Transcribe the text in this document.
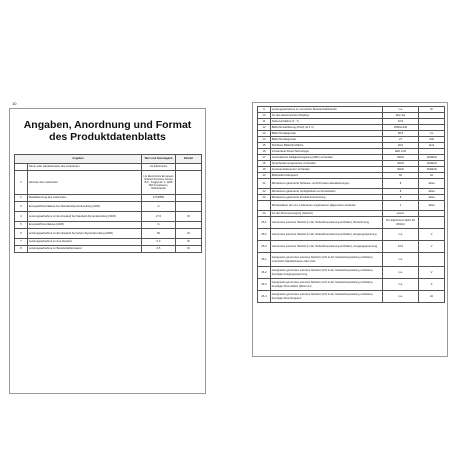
10
Angaben, Anordnung und Format des Produktdatenblatts
Angaben		Wert und Genauigkeit	Einheit
	Name oder Handelsmarke des Lieferanten	LG Electronics	
1	Adresse des Lieferanten	LG Electronics European Shared Services Center B.V., Krijgsman 1, 1186 DM Amstelveen, Netherlands	
2	Modellkennung des Lieferanten	27GP850	
3	Energieeffizienzklasse bei Standard-Dynamikumfang (SDR)	G	
4	Leistungsaufnahme im Ein-Zustand bei Standard-Dynamikumfang (SDR)	27.0	W
5	Energieeffizienzklasse (HDR)	G	
6	Leistungsaufnahme im Ein-Zustand bei hohem Dynamikumfang (HDR)	50	W
7	Leistungsaufnahme im Aus-Zustand	0.3	W
8	Leistungsaufnahme im Bereitschaftszustand	0.5	W
9	Leistungsaufnahme im vernetzten Bereitschaftsbetrieb	n.a.	W
10	Art des elektronischen Displays	Mon.ike	
11	Seitenverhältnis (X : Y)	16:9	
12	Bildschirmauflösung (Pixel) (H X V)	2560x1440	
13	Bildschirmdiagonale	68.6	cm
14	Bildschirmdiagonale	27	Zoll
15	Sichtbare Bildschirmfläche	20.0	dm2
16	Verwendete Panel-Technologie	LED LCD	
17	Automatische Helligkeitsregelung (ABC) vorhanden	NEIN	JA/NEIN
18	Spracherkennungssensor vorhanden	NEIN	JA/NEIN
19	Anwesenheitssensor vorhanden	NEIN	JA/NEIN
20	Bildwiederholfrequenz	60	Hz
21	Mindestens garantierte Software- und Firmware-Aktualisierungen	8	Jahre
22	Mindestens garantierte Verfügbarkeit von Ersatzteilen	8	Jahre
23	Mindestens garantierte Produktunterstützung	8	Jahre
	Mindestdauer der vom Lieferanten angebotenen allgemeinen Garantie	1	Jahre
24	Art der Stromversorgung (Netzteil)	extern	
25.1	Genormtes externes Netzteil (in der Verkaufsverpackung enthalten), Bezeichnung	DC adjustment (EAU 62 2004A)	
25.2	Genormtes externes Netzteil (in der Verkaufsverpackung enthalten), Eingangsspannung	n.a.	V
25.3	Genormtes externes Netzteil (in der Verkaufsverpackung enthalten), Ausgangsspannung	19.0	V
26.1	Geeignetes genormtes externes Netzteil (nicht in der Verkaufsverpackung enthalten), unterstützt Standardname oder Liste	n.a.	
26.2	Geeignetes genormtes externes Netzteil (nicht in der Verkaufsverpackung enthalten), benötigte Ausgangsspannung	n.a.	V
26.3	Geeignetes genormtes externes Netzteil (nicht in der Verkaufsverpackung enthalten), benötigte Stromstärke (Minimum)	n.a.	A
26.4	Geeignetes genormtes externes Netzteil (nicht in der Verkaufsverpackung enthalten), benötigte Stromfrequenz	n.a.	Hz
